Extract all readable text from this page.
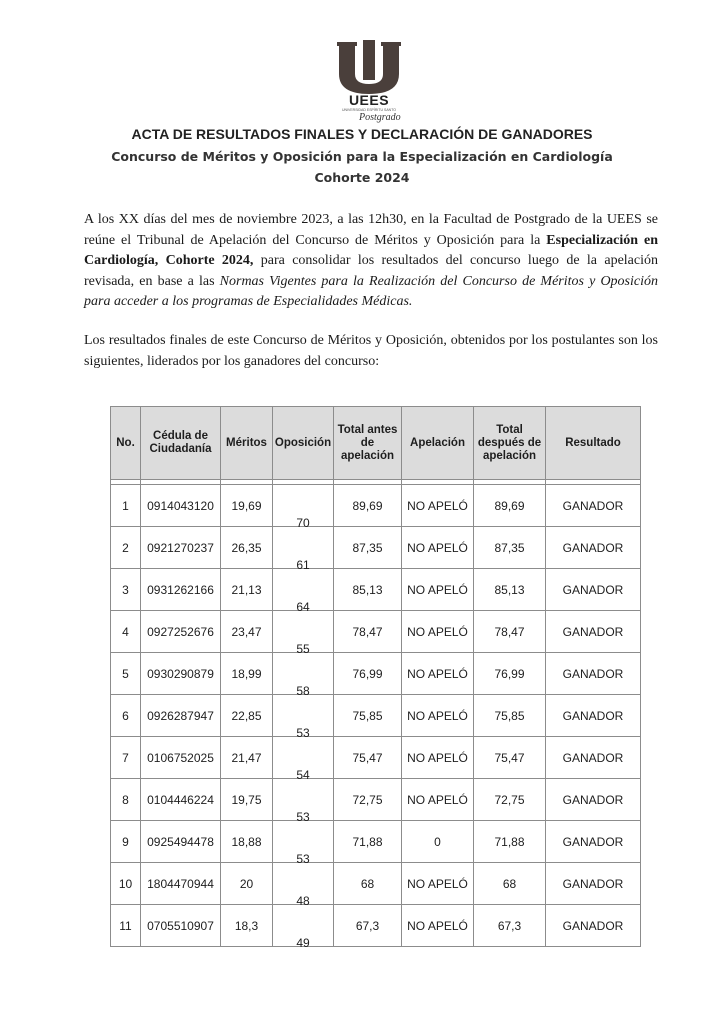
UEES
UNIVERSIDAD ESPÍRITU SANTO
Postgrado
ACTA DE RESULTADOS FINALES Y DECLARACIÓN DE GANADORES
Concurso de Méritos y Oposición para la Especialización en Cardiología
Cohorte 2024

A los XX días del mes de noviembre 2023, a las 12h30, en la Facultad de Postgrado de la UEES se reúne el Tribunal de Apelación del Concurso de Méritos y Oposición para la Especialización en Cardiología, Cohorte 2024, para consolidar los resultados del concurso luego de la apelación revisada, en base a las Normas Vigentes para la Realización del Concurso de Méritos y Oposición para acceder a los programas de Especialidades Médicas.

Los resultados finales de este Concurso de Méritos y Oposición, obtenidos por los postulantes son los siguientes, liderados por los ganadores del concurso:

No.	Cédula de Ciudadanía	Méritos	Oposición	Total antes de apelación	Apelación	Total después de apelación	Resultado

1	0914043120	19,69	70	89,69	NO APELÓ	89,69	GANADOR
2	0921270237	26,35	61	87,35	NO APELÓ	87,35	GANADOR
3	0931262166	21,13	64	85,13	NO APELÓ	85,13	GANADOR
4	0927252676	23,47	55	78,47	NO APELÓ	78,47	GANADOR
5	0930290879	18,99	58	76,99	NO APELÓ	76,99	GANADOR
6	0926287947	22,85	53	75,85	NO APELÓ	75,85	GANADOR
7	0106752025	21,47	54	75,47	NO APELÓ	75,47	GANADOR
8	0104446224	19,75	53	72,75	NO APELÓ	72,75	GANADOR
9	0925494478	18,88	53	71,88	0	71,88	GANADOR
10	1804470944	20	48	68	NO APELÓ	68	GANADOR
11	0705510907	18,3	49	67,3	NO APELÓ	67,3	GANADOR
